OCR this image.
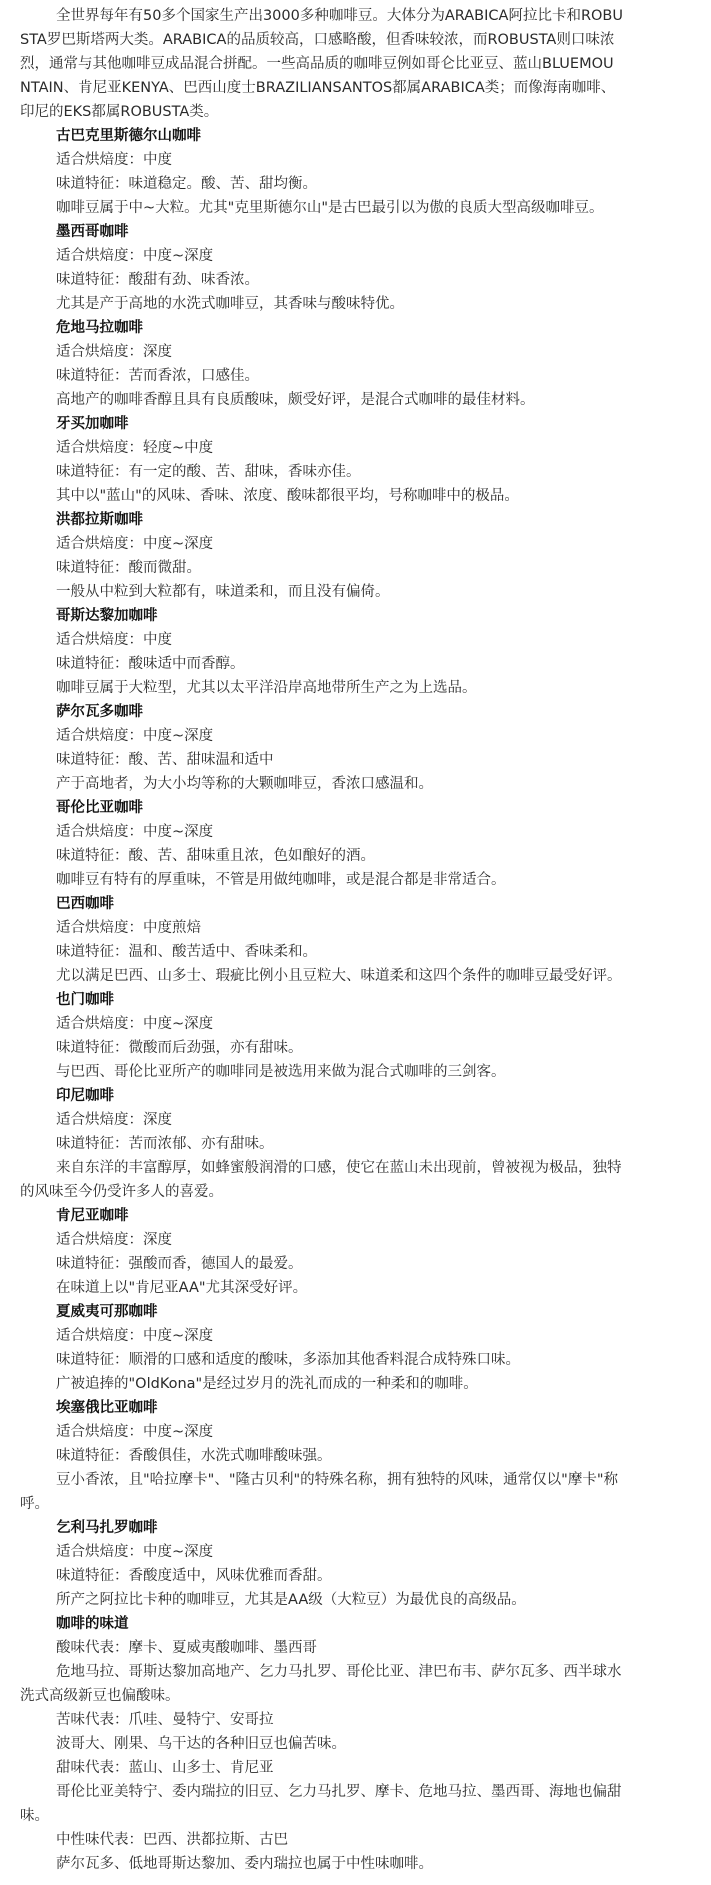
全世界每年有50多个国家生产出3000多种咖啡豆。大体分为ARABICA阿拉比卡和ROBU
STA罗巴斯塔两大类。ARABICA的品质较高，口感略酸，但香味较浓，而ROBUSTA则口味浓
烈，通常与其他咖啡豆成品混合拼配。一些高品质的咖啡豆例如哥仑比亚豆、蓝山BLUEMOU
NTAIN、肯尼亚KENYA、巴西山度士BRAZILIANSANTOS都属ARABICA类；而像海南咖啡、
印尼的EKS都属ROBUSTA类。
古巴克里斯德尔山咖啡
适合烘焙度：中度
味道特征：味道稳定。酸、苦、甜均衡。
咖啡豆属于中~大粒。尤其"克里斯德尔山"是古巴最引以为傲的良质大型高级咖啡豆。
墨西哥咖啡
适合烘焙度：中度~深度
味道特征：酸甜有劲、味香浓。
尤其是产于高地的水洗式咖啡豆，其香味与酸味特优。
危地马拉咖啡
适合烘焙度：深度
味道特征：苦而香浓，口感佳。
高地产的咖啡香醇且具有良质酸味，颇受好评，是混合式咖啡的最佳材料。
牙买加咖啡
适合烘焙度：轻度~中度
味道特征：有一定的酸、苦、甜味，香味亦佳。
其中以"蓝山"的风味、香味、浓度、酸味都很平均，号称咖啡中的极品。
洪都拉斯咖啡
适合烘焙度：中度~深度
味道特征：酸而微甜。
一般从中粒到大粒都有，味道柔和，而且没有偏倚。
哥斯达黎加咖啡
适合烘焙度：中度
味道特征：酸味适中而香醇。
咖啡豆属于大粒型，尤其以太平洋沿岸高地带所生产之为上选品。
萨尔瓦多咖啡
适合烘焙度：中度~深度
味道特征：酸、苦、甜味温和适中
产于高地者，为大小均等称的大颗咖啡豆，香浓口感温和。
哥伦比亚咖啡
适合烘焙度：中度~深度
味道特征：酸、苦、甜味重且浓，色如酿好的酒。
咖啡豆有特有的厚重味，不管是用做纯咖啡，或是混合都是非常适合。
巴西咖啡
适合烘焙度：中度煎焙
味道特征：温和、酸苦适中、香味柔和。
尤以满足巴西、山多士、瑕疵比例小且豆粒大、味道柔和这四个条件的咖啡豆最受好评。
也门咖啡
适合烘焙度：中度~深度
味道特征：微酸而后劲强，亦有甜味。
与巴西、哥伦比亚所产的咖啡同是被选用来做为混合式咖啡的三剑客。
印尼咖啡
适合烘焙度：深度
味道特征：苦而浓郁、亦有甜味。
来自东洋的丰富醇厚，如蜂蜜般润滑的口感，使它在蓝山未出现前，曾被视为极品，独特
的风味至今仍受许多人的喜爱。
肯尼亚咖啡
适合烘焙度：深度
味道特征：强酸而香，德国人的最爱。
在味道上以"肯尼亚AA"尤其深受好评。
夏威夷可那咖啡
适合烘焙度：中度~深度
味道特征：顺滑的口感和适度的酸味，多添加其他香料混合成特殊口味。
广被追捧的"OldKona"是经过岁月的洗礼而成的一种柔和的咖啡。
埃塞俄比亚咖啡
适合烘焙度：中度~深度
味道特征：香酸俱佳，水洗式咖啡酸味强。
豆小香浓，且"哈拉摩卡"、"隆古贝利"的特殊名称，拥有独特的风味，通常仅以"摩卡"称
呼。
乞利马扎罗咖啡
适合烘焙度：中度~深度
味道特征：香酸度适中，风味优雅而香甜。
所产之阿拉比卡种的咖啡豆，尤其是AA级（大粒豆）为最优良的高级品。
咖啡的味道
酸味代表：摩卡、夏威夷酸咖啡、墨西哥
危地马拉、哥斯达黎加高地产、乞力马扎罗、哥伦比亚、津巴布韦、萨尔瓦多、西半球水
洗式高级新豆也偏酸味。
苦味代表：爪哇、曼特宁、安哥拉
波哥大、刚果、乌干达的各种旧豆也偏苦味。
甜味代表：蓝山、山多士、肯尼亚
哥伦比亚美特宁、委内瑞拉的旧豆、乞力马扎罗、摩卡、危地马拉、墨西哥、海地也偏甜
味。
中性味代表：巴西、洪都拉斯、古巴
萨尔瓦多、低地哥斯达黎加、委内瑞拉也属于中性味咖啡。
